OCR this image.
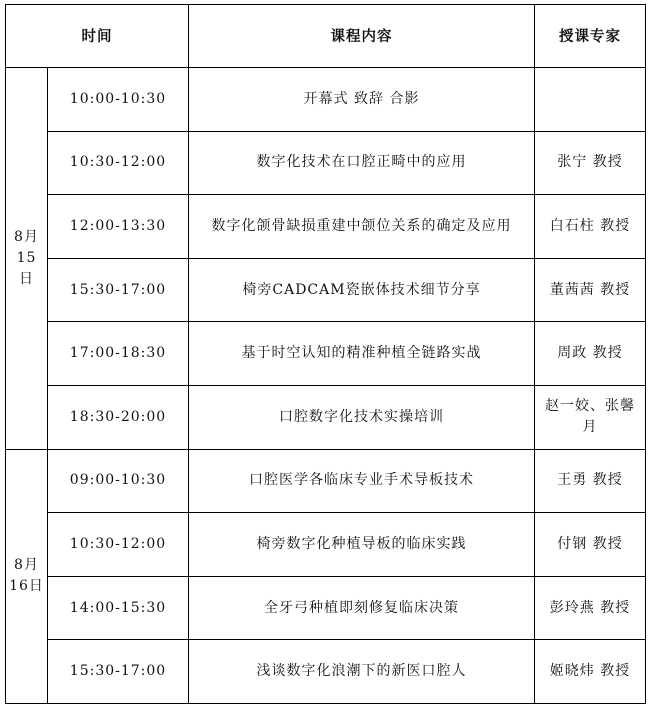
时间		课程内容	授课专家

8月
15
日	10:00-10:30	开幕式 致辞 合影	
	10:30-12:00	数字化技术在口腔正畸中的应用	张宁 教授
	12:00-13:30	数字化颌骨缺损重建中颌位关系的确定及应用	白石柱 教授
	15:30-17:00	椅旁CADCAM瓷嵌体技术细节分享	董茜茜 教授
	17:00-18:30	基于时空认知的精准种植全链路实战	周政 教授
	18:30-20:00	口腔数字化技术实操培训	赵一姣、张馨月

8月
16日	09:00-10:30	口腔医学各临床专业手术导板技术	王勇 教授
	10:30-12:00	椅旁数字化种植导板的临床实践	付钢 教授
	14:00-15:30	全牙弓种植即刻修复临床决策	彭玲燕 教授
	15:30-17:00	浅谈数字化浪潮下的新医口腔人	姬晓炜 教授
